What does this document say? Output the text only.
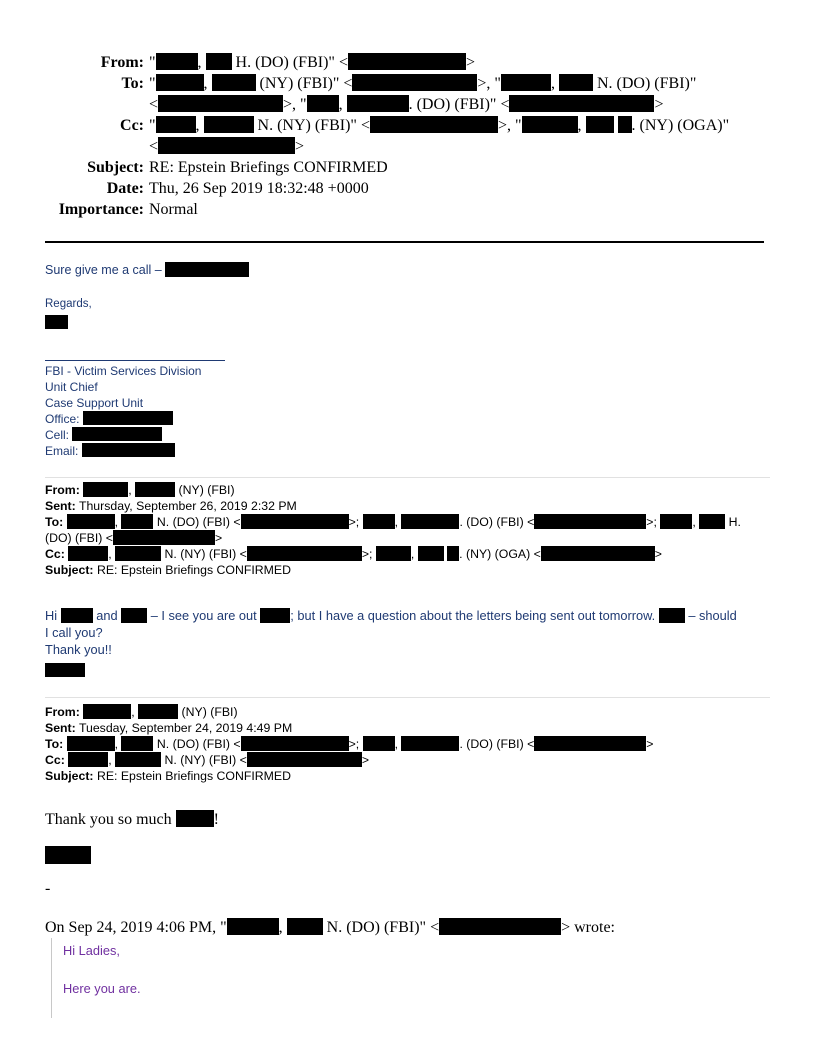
From: "	, H. (DO) (FBI)" <	>
To: "	,	(NY) (FBI)" <	>, "	,	N. (DO) (FBI)"
<	>, " ,	. (DO) (FBI)" <	>
Cc: "	,	N. (NY) (FBI)" <	>, "	,	. (NY) (OGA)"
<	>
Subject: RE: Epstein Briefings CONFIRMED
Date: Thu, 26 Sep 2019 18:32:48 +0000
Importance: Normal
Sure give me a call –
Regards,
FBI - Victim Services Division
Unit Chief
Case Support Unit
Office:
Cell:
Email:
From:	,	(NY) (FBI)
Sent: Thursday, September 26, 2019 2:32 PM
To:	,	N. (DO) (FBI) <	>;	,	. (DO) (FBI) <	>;	,	H.
(DO) (FBI) <	>
Cc:	,	N. (NY) (FBI) <	>;	,	. (NY) (OGA) <	>
Subject: RE: Epstein Briefings CONFIRMED
Hi	and	– I see you are out	; but I have a question about the letters being sent out tomorrow.	– should
I call you?
Thank you!!
From:	,	(NY) (FBI)
Sent: Tuesday, September 24, 2019 4:49 PM
To:	,	N. (DO) (FBI) <	>;	,	. (DO) (FBI) <	>
Cc:	,	N. (NY) (FBI) <	>
Subject: RE: Epstein Briefings CONFIRMED
Thank you so much	!
-
On Sep 24, 2019 4:06 PM, "	,	N. (DO) (FBI)" <	> wrote:
Hi Ladies,
Here you are.
